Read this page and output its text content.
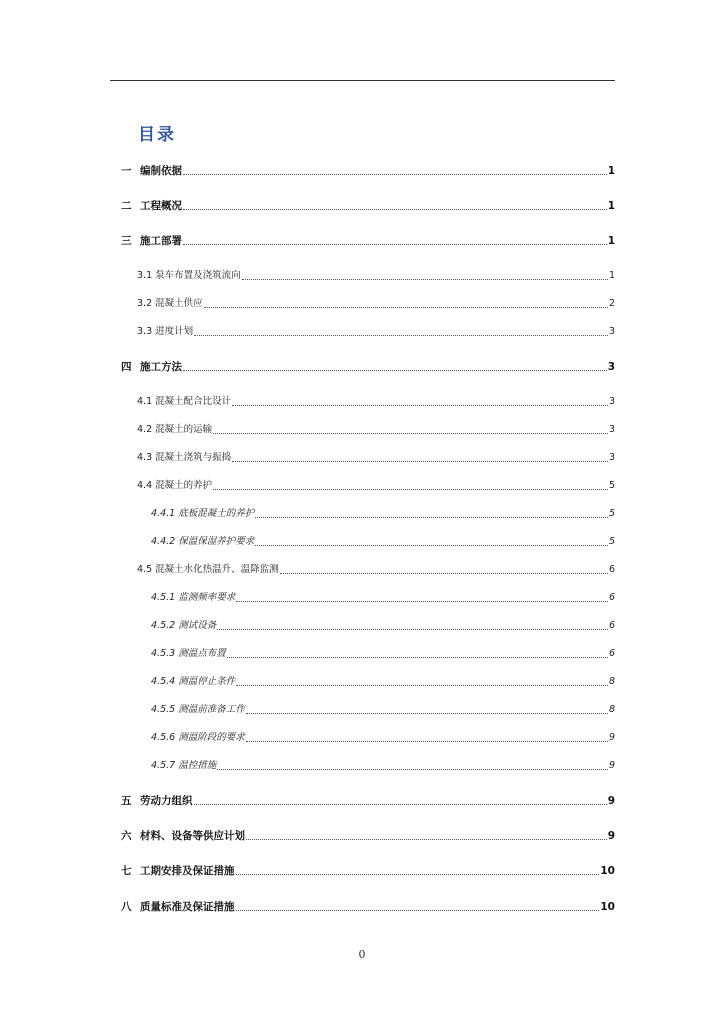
目录
一 编制依据	1
二 工程概况	1
三 施工部署	1
3.1 泵车布置及浇筑流向	1
3.2 混凝土供应	2
3.3 进度计划	3
四 施工方法	3
4.1 混凝土配合比设计	3
4.2 混凝土的运输	3
4.3 混凝土浇筑与振捣	3
4.4 混凝土的养护	5
4.4.1 底板混凝土的养护	5
4.4.2 保温保湿养护要求	5
4.5 混凝土水化热温升、温降监测	6
4.5.1 监测频率要求	6
4.5.2 测试设备	6
4.5.3 测温点布置	6
4.5.4 测温停止条件	8
4.5.5 测温前准备工作	8
4.5.6 测温阶段的要求	9
4.5.7 温控措施	9
五 劳动力组织	9
六 材料、设备等供应计划	9
七 工期安排及保证措施	10
八 质量标准及保证措施	10
0
